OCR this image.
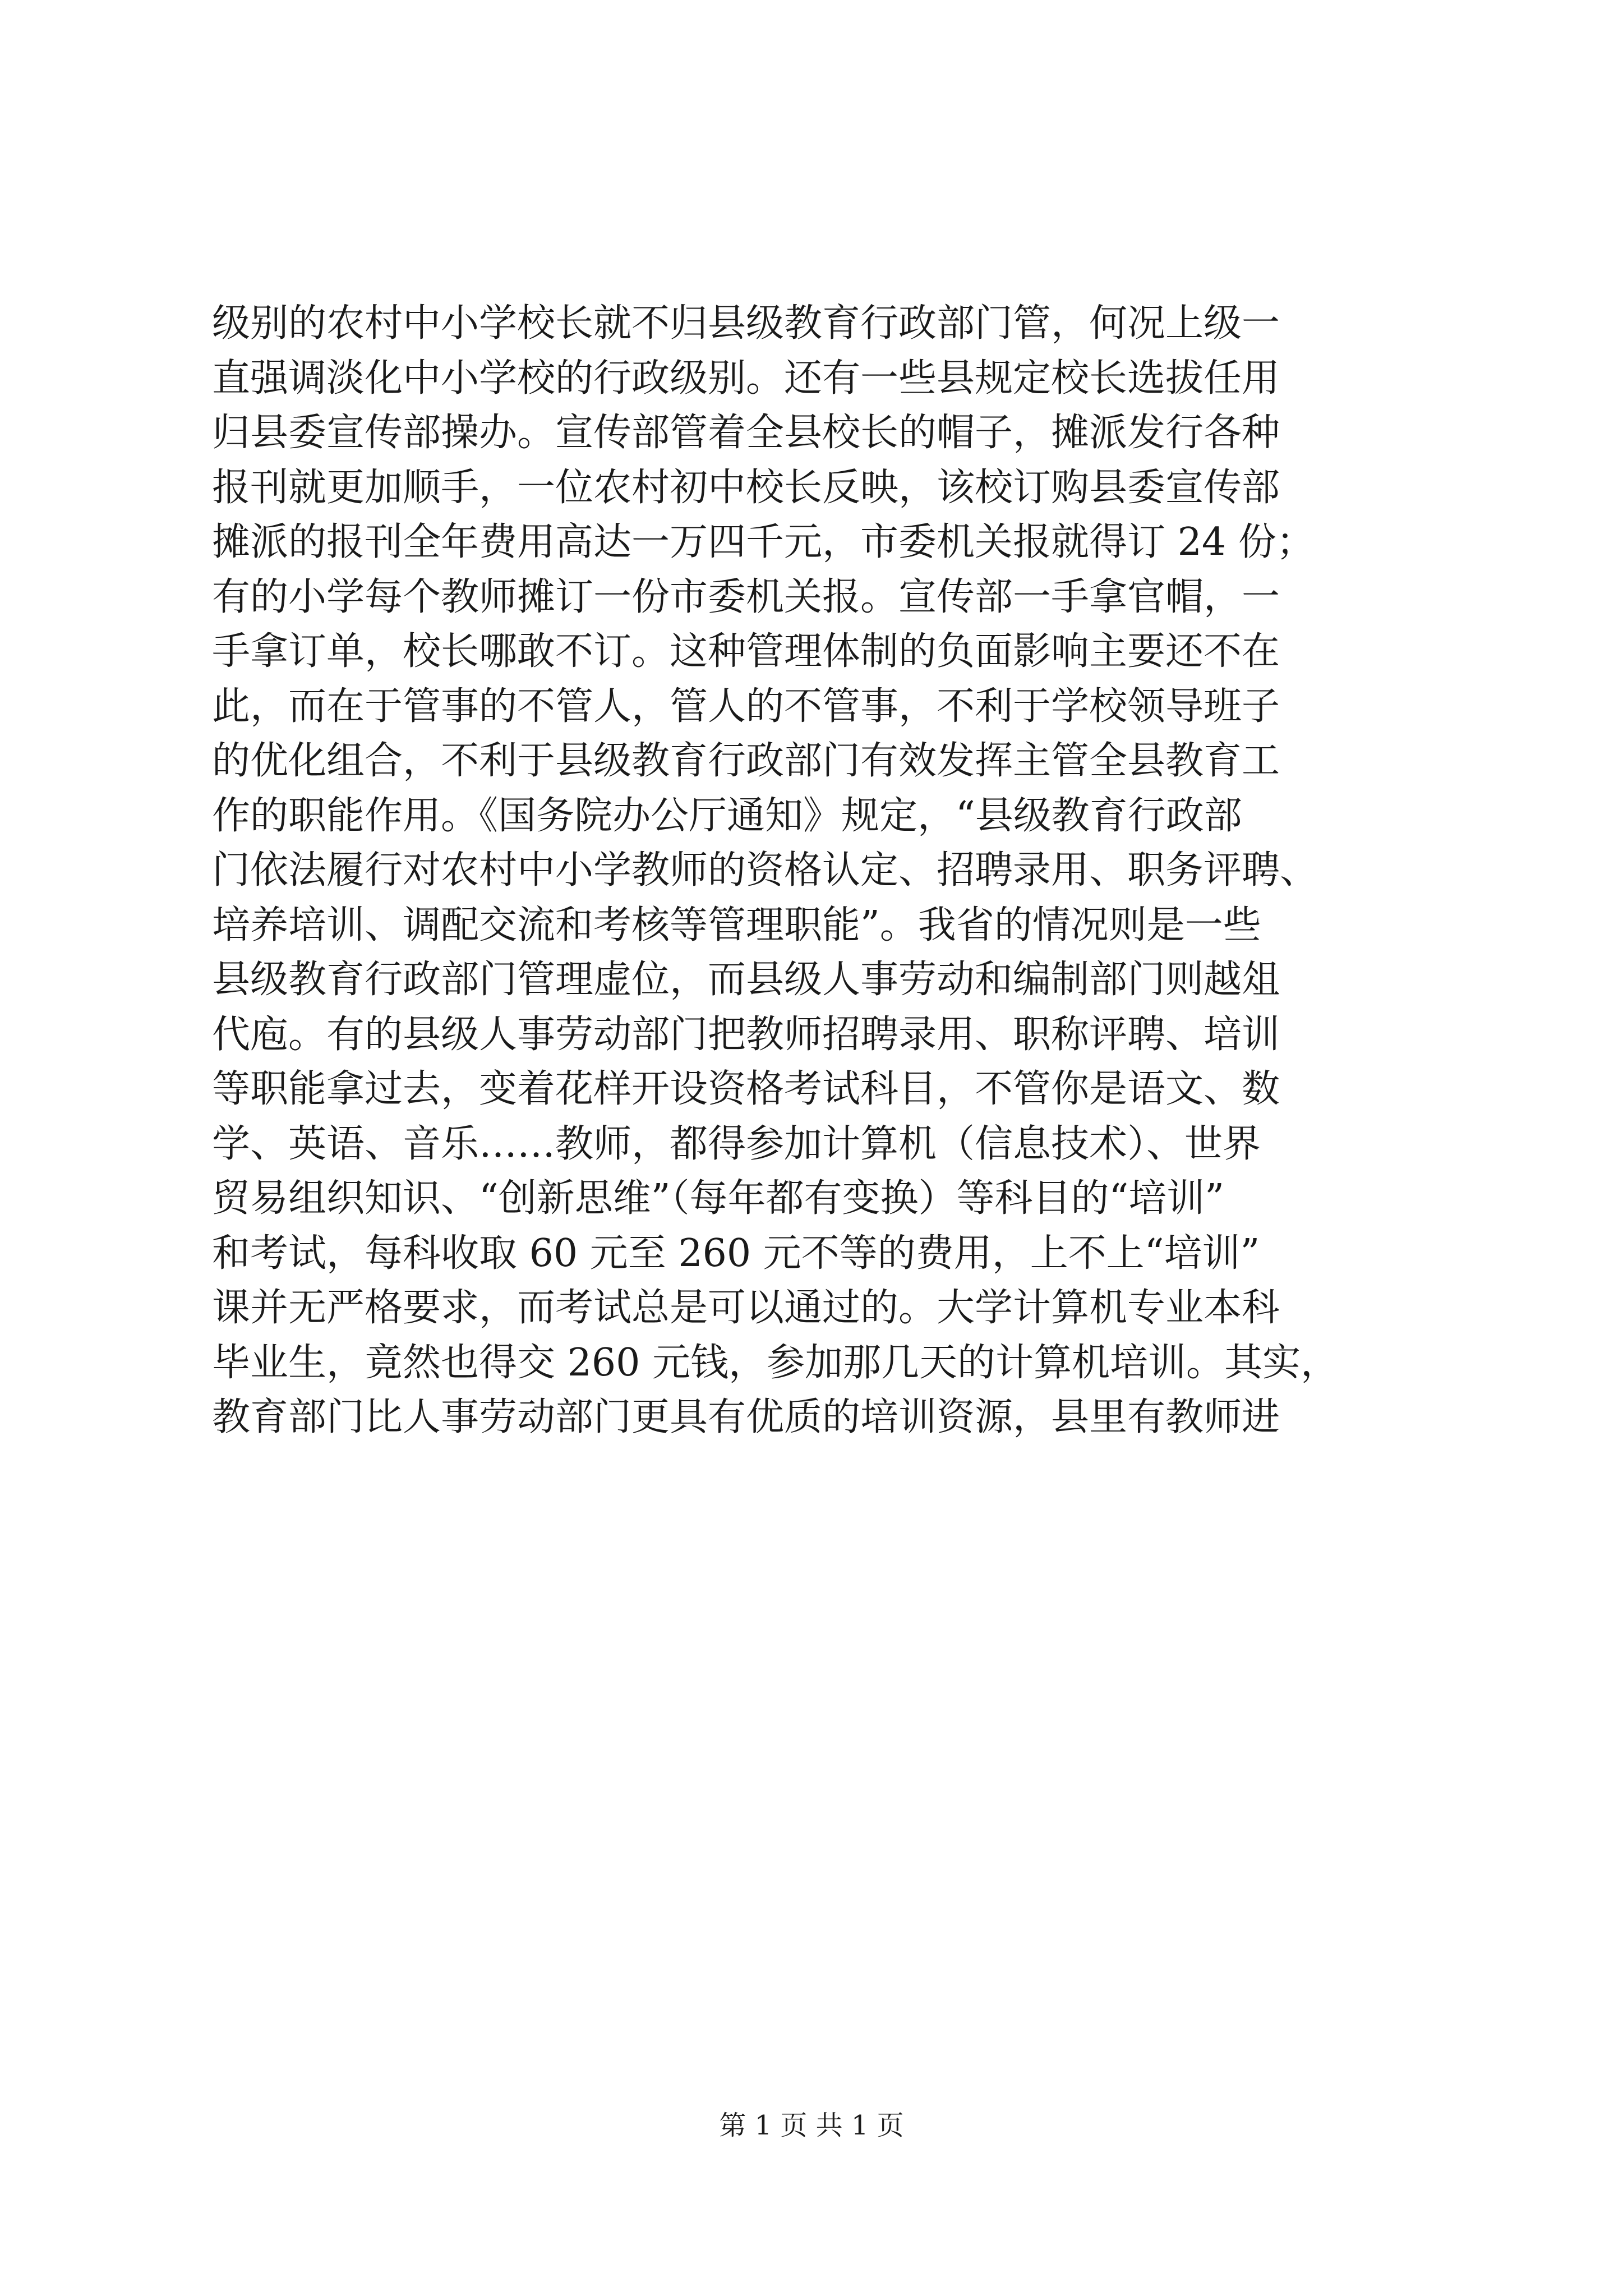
级别的农村中小学校长就不归县级教育行政部门管，何况上级一
直强调淡化中小学校的行政级别。还有一些县规定校长选拔任用
归县委宣传部操办。宣传部管着全县校长的帽子，摊派发行各种
报刊就更加顺手，一位农村初中校长反映，该校订购县委宣传部
摊派的报刊全年费用高达一万四千元，市委机关报就得订 24 份；
有的小学每个教师摊订一份市委机关报。宣传部一手拿官帽，一
手拿订单，校长哪敢不订。这种管理体制的负面影响主要还不在
此，而在于管事的不管人，管人的不管事，不利于学校领导班子
的优化组合，不利于县级教育行政部门有效发挥主管全县教育工
作的职能作用。《国务院办公厅通知》规定，“县级教育行政部
门依法履行对农村中小学教师的资格认定、招聘录用、职务评聘、
培养培训、调配交流和考核等管理职能”。我省的情况则是一些
县级教育行政部门管理虚位，而县级人事劳动和编制部门则越俎
代庖。有的县级人事劳动部门把教师招聘录用、职称评聘、培训
等职能拿过去，变着花样开设资格考试科目，不管你是语文、数
学、英语、音乐……教师，都得参加计算机（信息技术）、世界
贸易组织知识、“创新思维”（每年都有变换）等科目的“培训”
和考试，每科收取 60 元至 260 元不等的费用，上不上“培训”
课并无严格要求，而考试总是可以通过的。大学计算机专业本科
毕业生，竟然也得交 260 元钱，参加那几天的计算机培训。其实，
教育部门比人事劳动部门更具有优质的培训资源，县里有教师进
第 1 页 共 1 页
